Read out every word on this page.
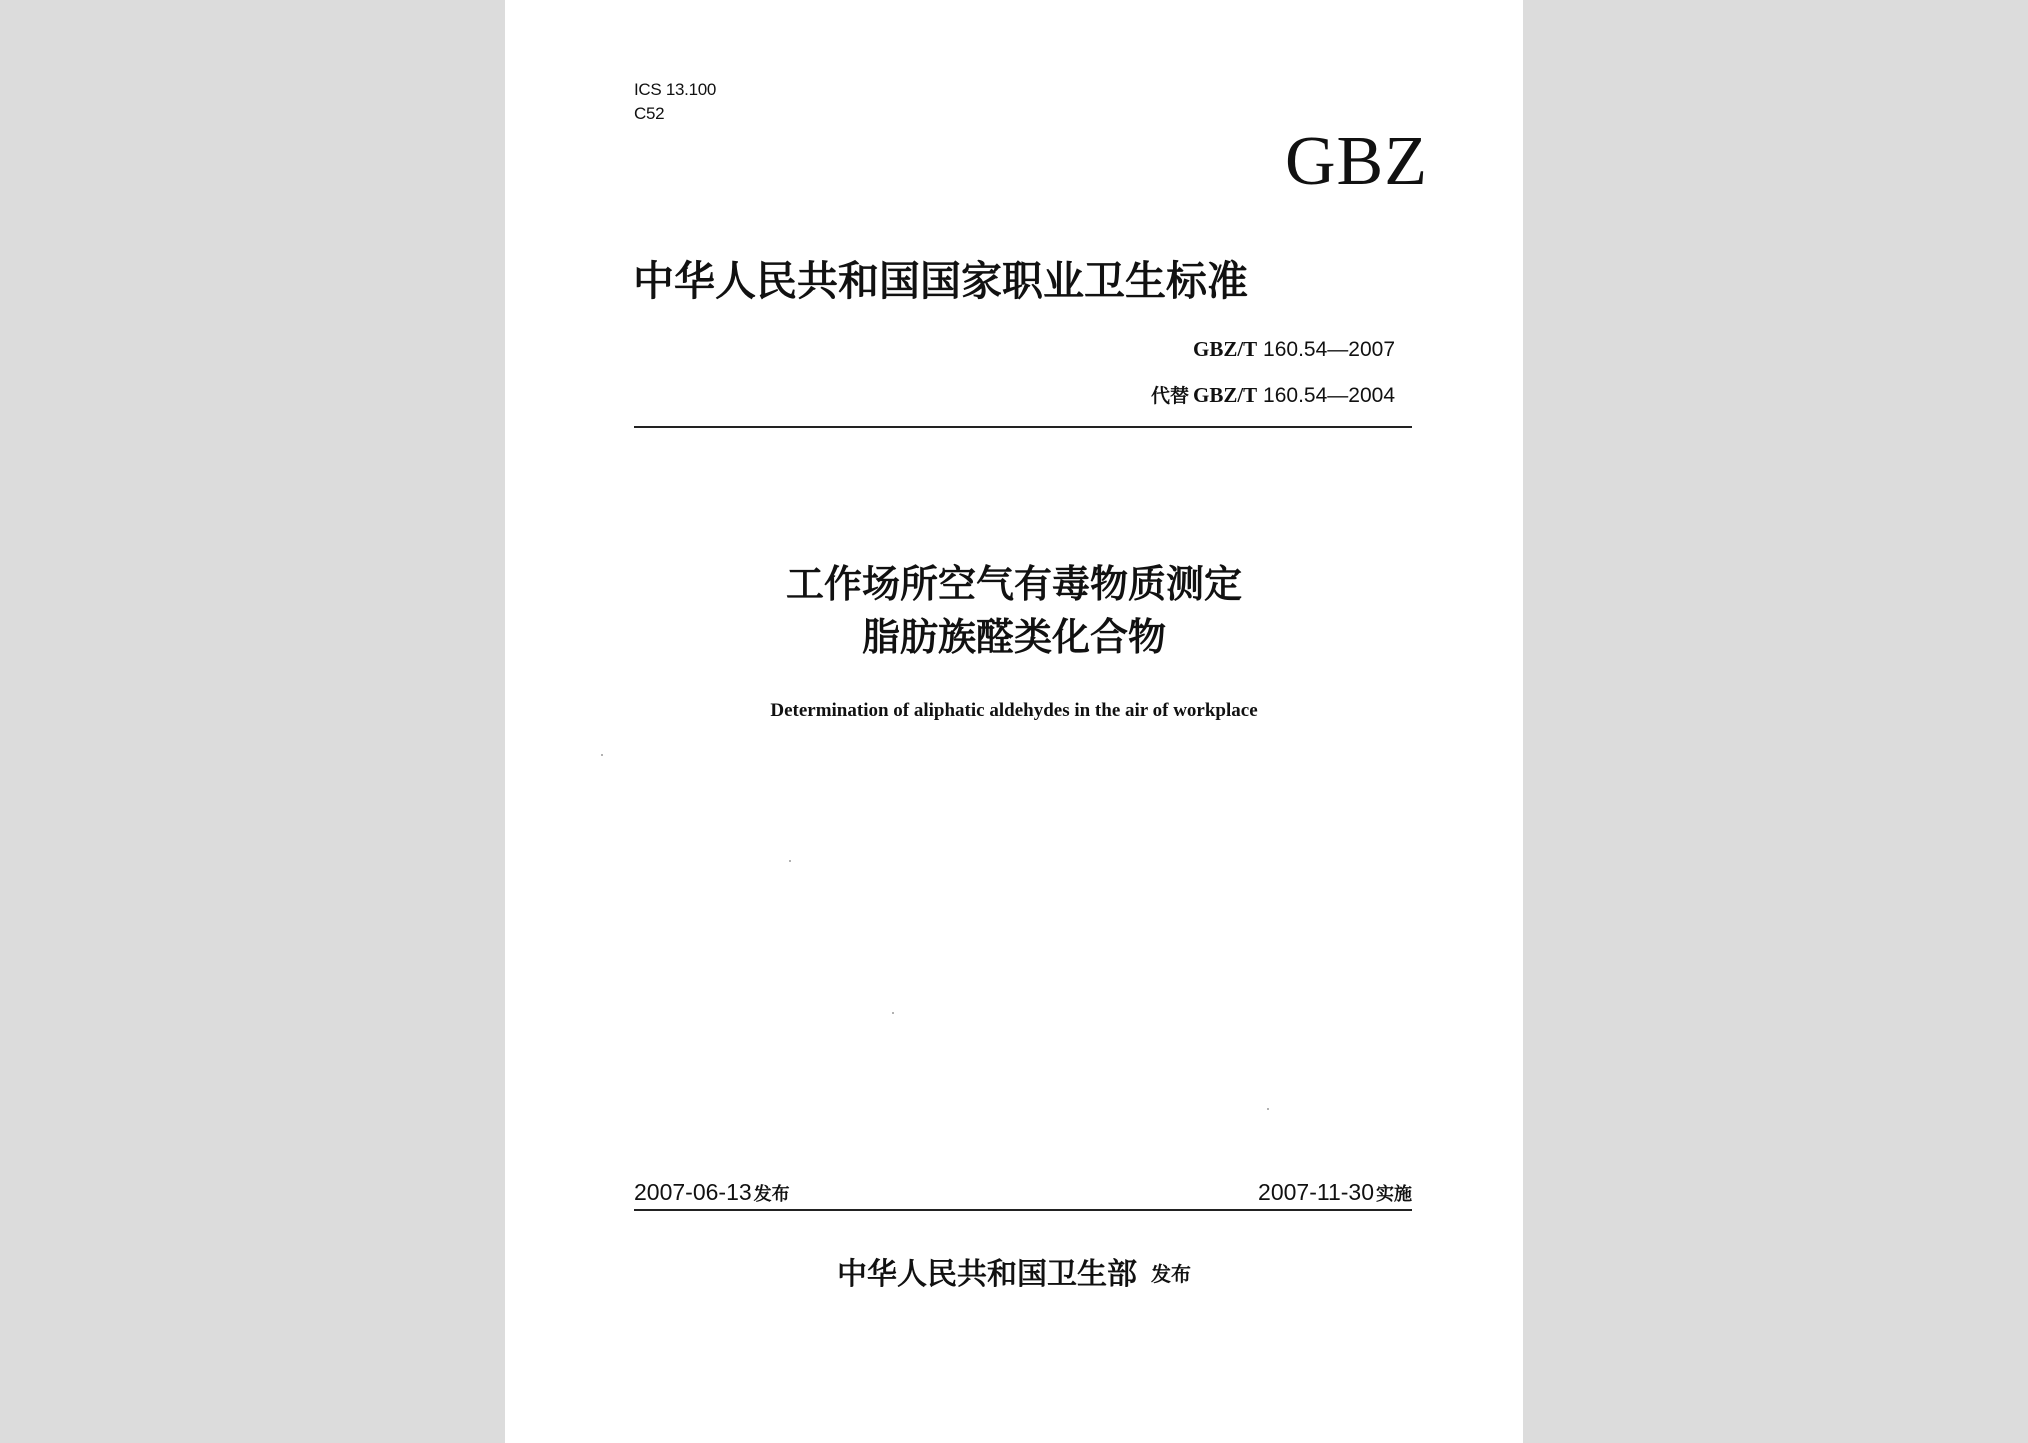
ICS 13.100
C52
GBZ
中华人民共和国国家职业卫生标准
GBZ/T 160.54—2007
代替 GBZ/T 160.54—2004
工作场所空气有毒物质测定
脂肪族醛类化合物
Determination of aliphatic aldehydes in the air of workplace
2007-06-13 发布	2007-11-30 实施
中华人民共和国卫生部 发布
